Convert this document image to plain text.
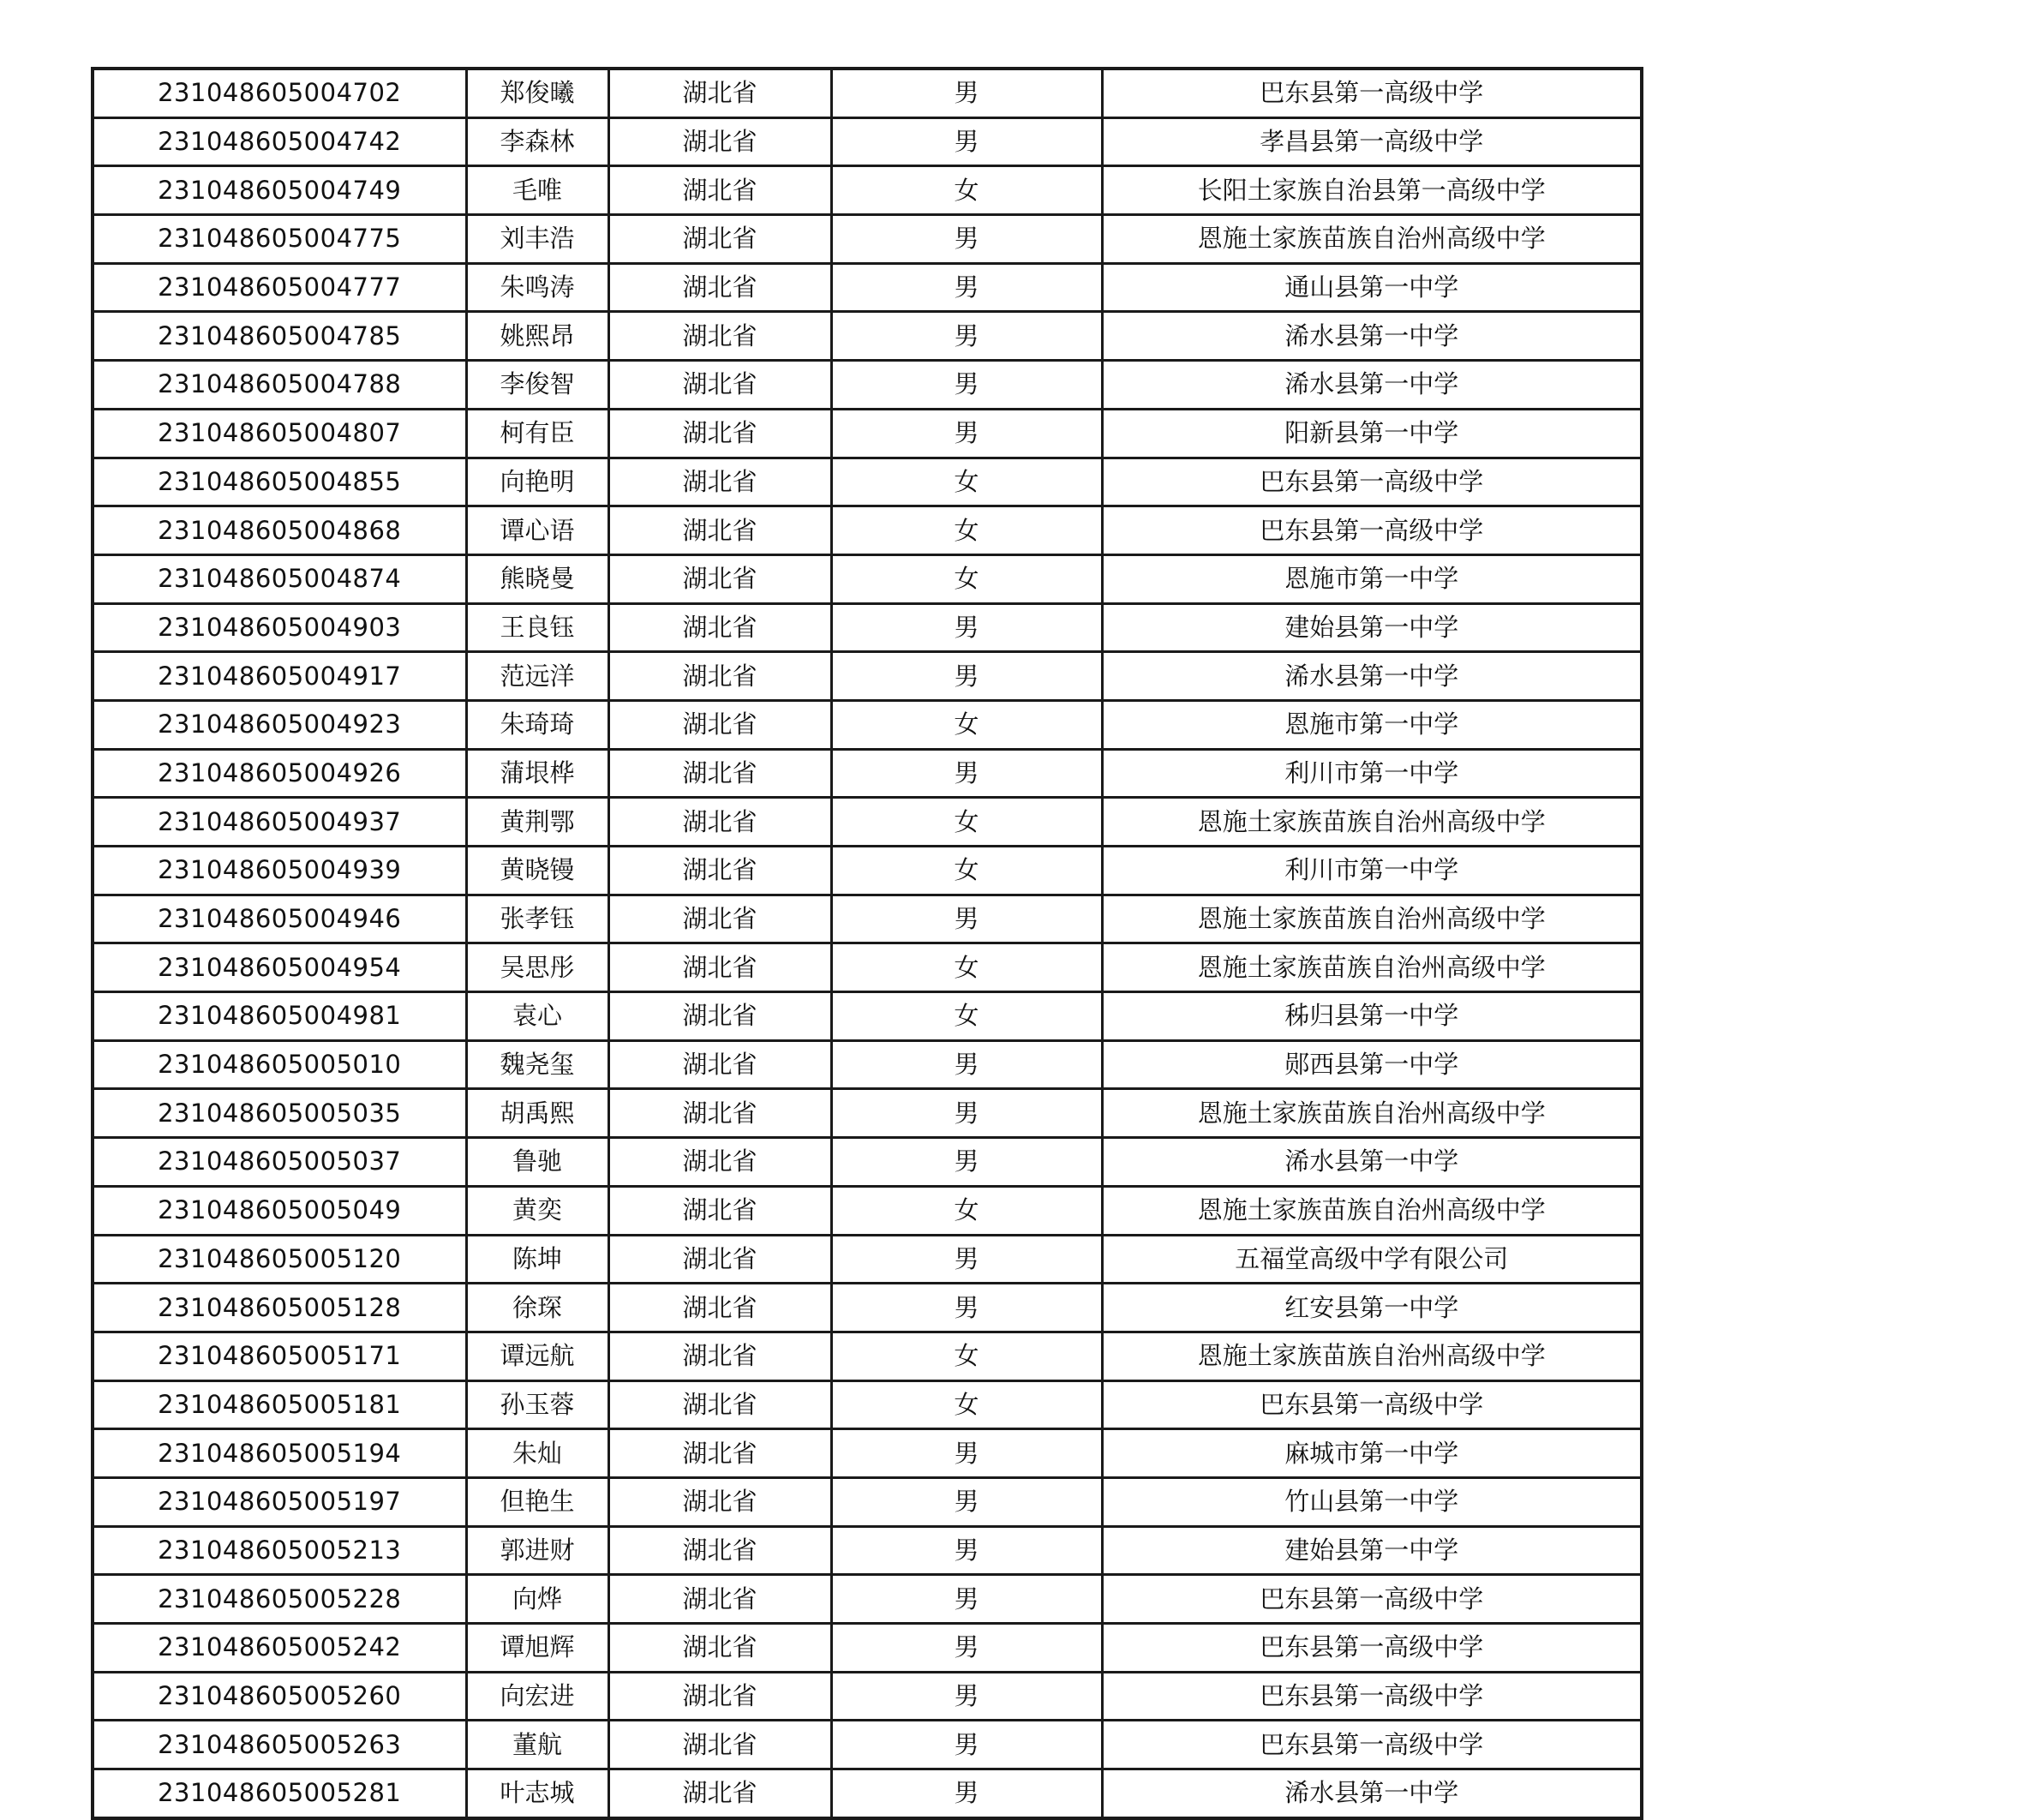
231048605004702	郑俊曦	湖北省	男	巴东县第一高级中学
231048605004742	李森林	湖北省	男	孝昌县第一高级中学
231048605004749	毛唯	湖北省	女	长阳土家族自治县第一高级中学
231048605004775	刘丰浩	湖北省	男	恩施土家族苗族自治州高级中学
231048605004777	朱鸣涛	湖北省	男	通山县第一中学
231048605004785	姚熙昂	湖北省	男	浠水县第一中学
231048605004788	李俊智	湖北省	男	浠水县第一中学
231048605004807	柯有臣	湖北省	男	阳新县第一中学
231048605004855	向艳明	湖北省	女	巴东县第一高级中学
231048605004868	谭心语	湖北省	女	巴东县第一高级中学
231048605004874	熊晓曼	湖北省	女	恩施市第一中学
231048605004903	王良钰	湖北省	男	建始县第一中学
231048605004917	范远洋	湖北省	男	浠水县第一中学
231048605004923	朱琦琦	湖北省	女	恩施市第一中学
231048605004926	蒲垠桦	湖北省	男	利川市第一中学
231048605004937	黄荆鄂	湖北省	女	恩施土家族苗族自治州高级中学
231048605004939	黄晓镘	湖北省	女	利川市第一中学
231048605004946	张孝钰	湖北省	男	恩施土家族苗族自治州高级中学
231048605004954	吴思彤	湖北省	女	恩施土家族苗族自治州高级中学
231048605004981	袁心	湖北省	女	秭归县第一中学
231048605005010	魏尧玺	湖北省	男	郧西县第一中学
231048605005035	胡禹熙	湖北省	男	恩施土家族苗族自治州高级中学
231048605005037	鲁驰	湖北省	男	浠水县第一中学
231048605005049	黄奕	湖北省	女	恩施土家族苗族自治州高级中学
231048605005120	陈坤	湖北省	男	五福堂高级中学有限公司
231048605005128	徐琛	湖北省	男	红安县第一中学
231048605005171	谭远航	湖北省	女	恩施土家族苗族自治州高级中学
231048605005181	孙玉蓉	湖北省	女	巴东县第一高级中学
231048605005194	朱灿	湖北省	男	麻城市第一中学
231048605005197	但艳生	湖北省	男	竹山县第一中学
231048605005213	郭进财	湖北省	男	建始县第一中学
231048605005228	向烨	湖北省	男	巴东县第一高级中学
231048605005242	谭旭辉	湖北省	男	巴东县第一高级中学
231048605005260	向宏进	湖北省	男	巴东县第一高级中学
231048605005263	董航	湖北省	男	巴东县第一高级中学
231048605005281	叶志城	湖北省	男	浠水县第一中学
